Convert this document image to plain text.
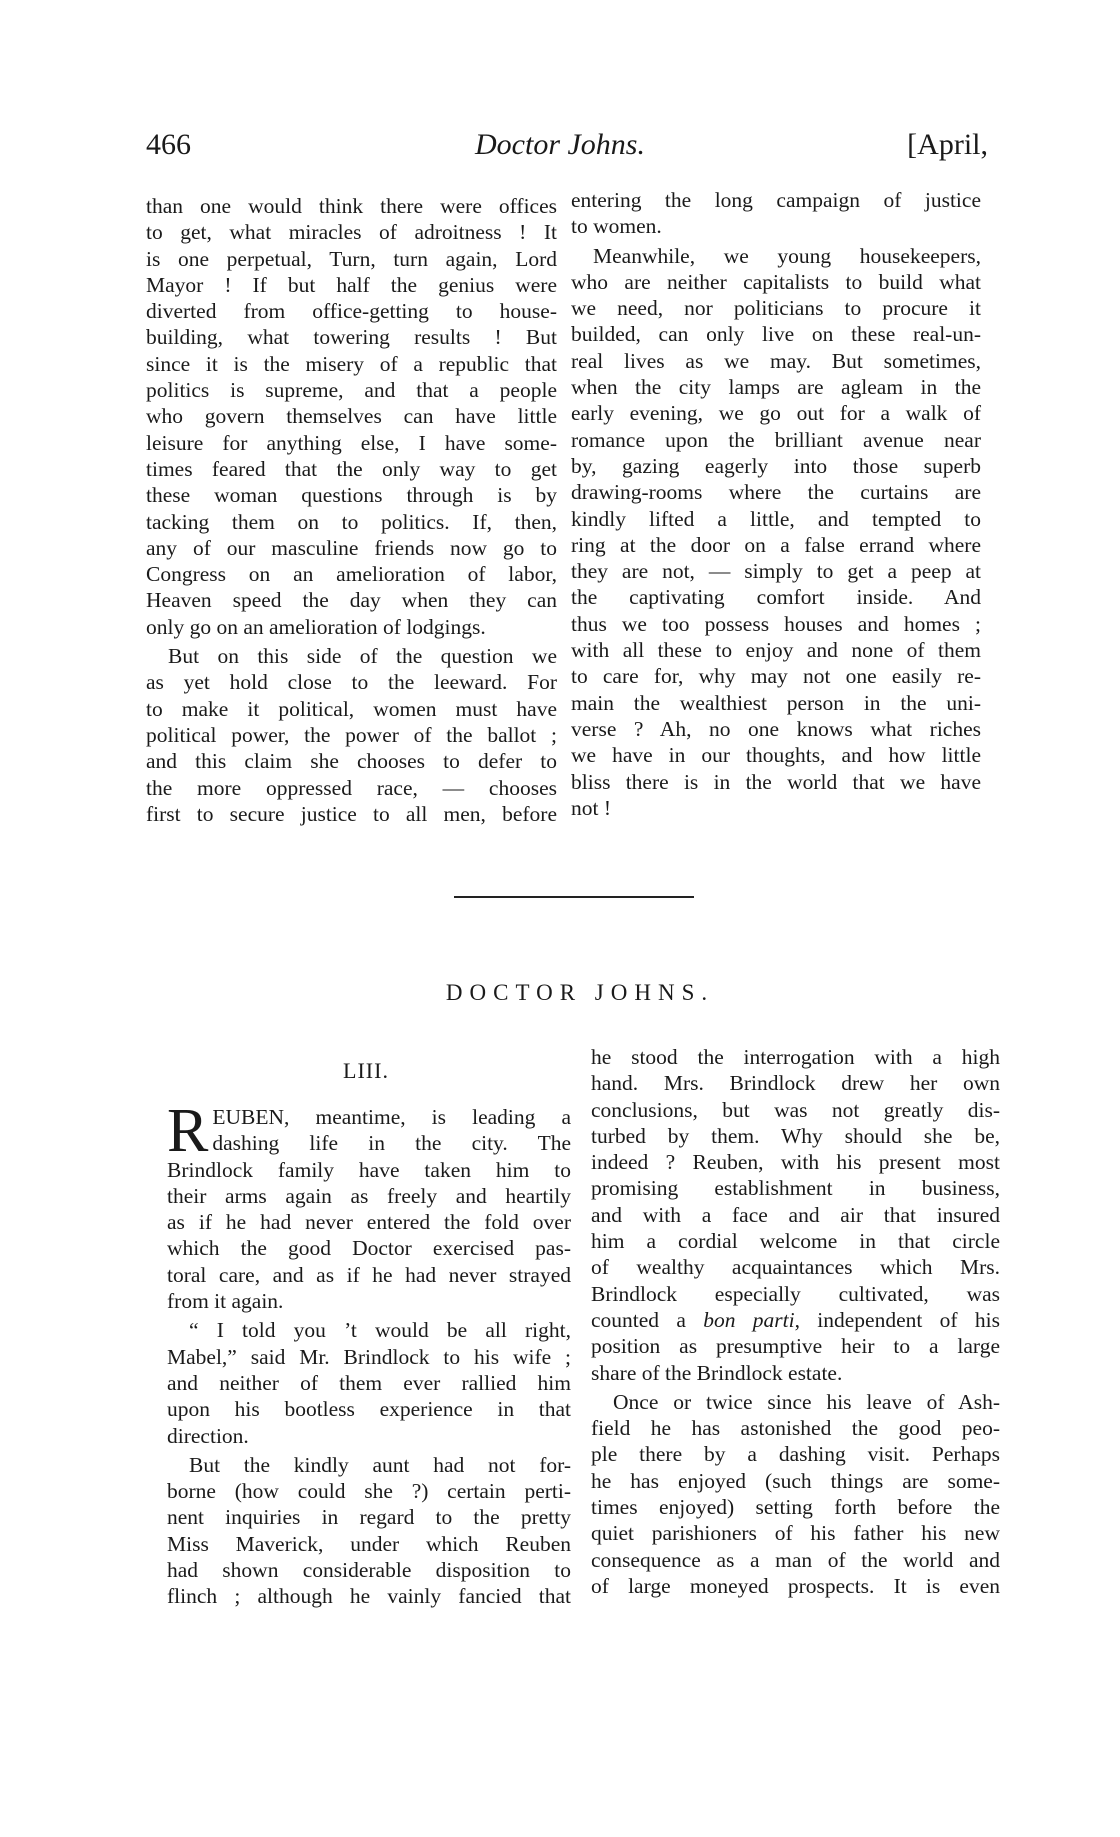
466	Doctor Johns.	[April,
than one would think there were offices
to get, what miracles of adroitness ! It
is one perpetual, Turn, turn again, Lord
Mayor ! If but half the genius were
diverted from office-getting to house-
building, what towering results ! But
since it is the misery of a republic that
politics is supreme, and that a people
who govern themselves can have little
leisure for anything else, I have some-
times feared that the only way to get
these woman questions through is by
tacking them on to politics. If, then,
any of our masculine friends now go to
Congress on an amelioration of labor,
Heaven speed the day when they can
only go on an amelioration of lodgings.
But on this side of the question we
as yet hold close to the leeward. For
to make it political, women must have
political power, the power of the ballot ;
and this claim she chooses to defer to
the more oppressed race, — chooses
first to secure justice to all men, before
entering the long campaign of justice
to women.
Meanwhile, we young housekeepers,
who are neither capitalists to build what
we need, nor politicians to procure it
builded, can only live on these real-un-
real lives as we may. But sometimes,
when the city lamps are agleam in the
early evening, we go out for a walk of
romance upon the brilliant avenue near
by, gazing eagerly into those superb
drawing-rooms where the curtains are
kindly lifted a little, and tempted to
ring at the door on a false errand where
they are not, — simply to get a peep at
the captivating comfort inside. And
thus we too possess houses and homes ;
with all these to enjoy and none of them
to care for, why may not one easily re-
main the wealthiest person in the uni-
verse ? Ah, no one knows what riches
we have in our thoughts, and how little
bliss there is in the world that we have
not !
DOCTOR JOHNS.
LIII.
R EUBEN, meantime, is leading a
dashing life in the city. The
Brindlock family have taken him to
their arms again as freely and heartily
as if he had never entered the fold over
which the good Doctor exercised pas-
toral care, and as if he had never strayed
from it again.
“ I told you ’t would be all right,
Mabel,” said Mr. Brindlock to his wife ;
and neither of them ever rallied him
upon his bootless experience in that
direction.
But the kindly aunt had not for-
borne (how could she ?) certain perti-
nent inquiries in regard to the pretty
Miss Maverick, under which Reuben
had shown considerable disposition to
flinch ; although he vainly fancied that
he stood the interrogation with a high
hand. Mrs. Brindlock drew her own
conclusions, but was not greatly dis-
turbed by them. Why should she be,
indeed ? Reuben, with his present most
promising establishment in business,
and with a face and air that insured
him a cordial welcome in that circle
of wealthy acquaintances which Mrs.
Brindlock especially cultivated, was
counted a bon parti, independent of his
position as presumptive heir to a large
share of the Brindlock estate.
Once or twice since his leave of Ash-
field he has astonished the good peo-
ple there by a dashing visit. Perhaps
he has enjoyed (such things are some-
times enjoyed) setting forth before the
quiet parishioners of his father his new
consequence as a man of the world and
of large moneyed prospects. It is even
